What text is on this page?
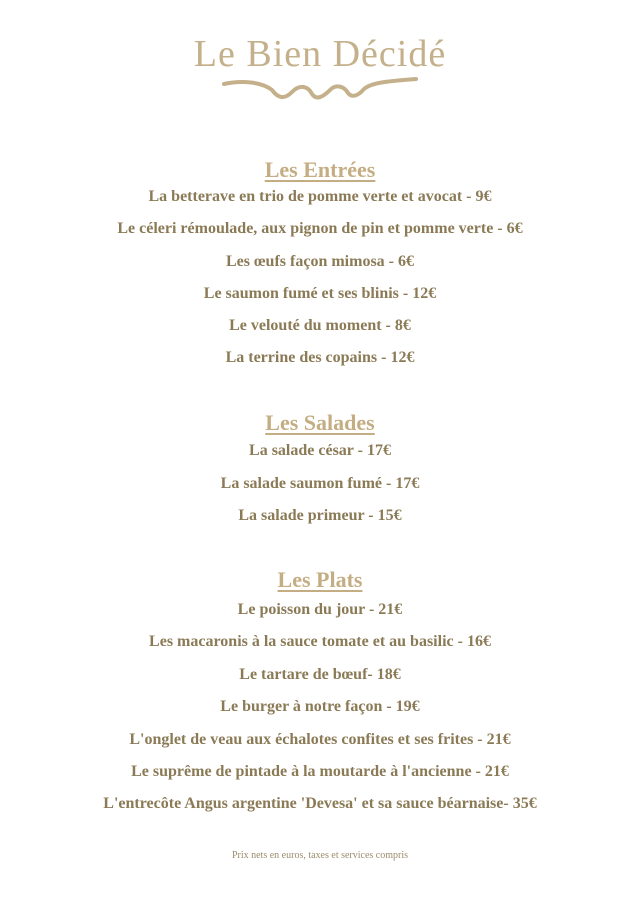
Le Bien Décidé
Les Entrées
La betterave en trio de pomme verte et avocat - 9€
Le céleri rémoulade, aux pignon de pin et pomme verte - 6€
Les œufs façon mimosa - 6€
Le saumon fumé et ses blinis - 12€
Le velouté du moment - 8€
La terrine des copains - 12€
Les Salades
La salade césar - 17€
La salade saumon fumé - 17€
La salade primeur - 15€
Les Plats
Le poisson du jour - 21€
Les macaronis à la sauce tomate et au basilic - 16€
Le tartare de bœuf- 18€
Le burger à notre façon - 19€
L'onglet de veau aux échalotes confites et ses frites - 21€
Le suprême de pintade à la moutarde à l'ancienne - 21€
L'entrecôte Angus argentine 'Devesa' et sa sauce béarnaise- 35€
Prix nets en euros, taxes et services compris
